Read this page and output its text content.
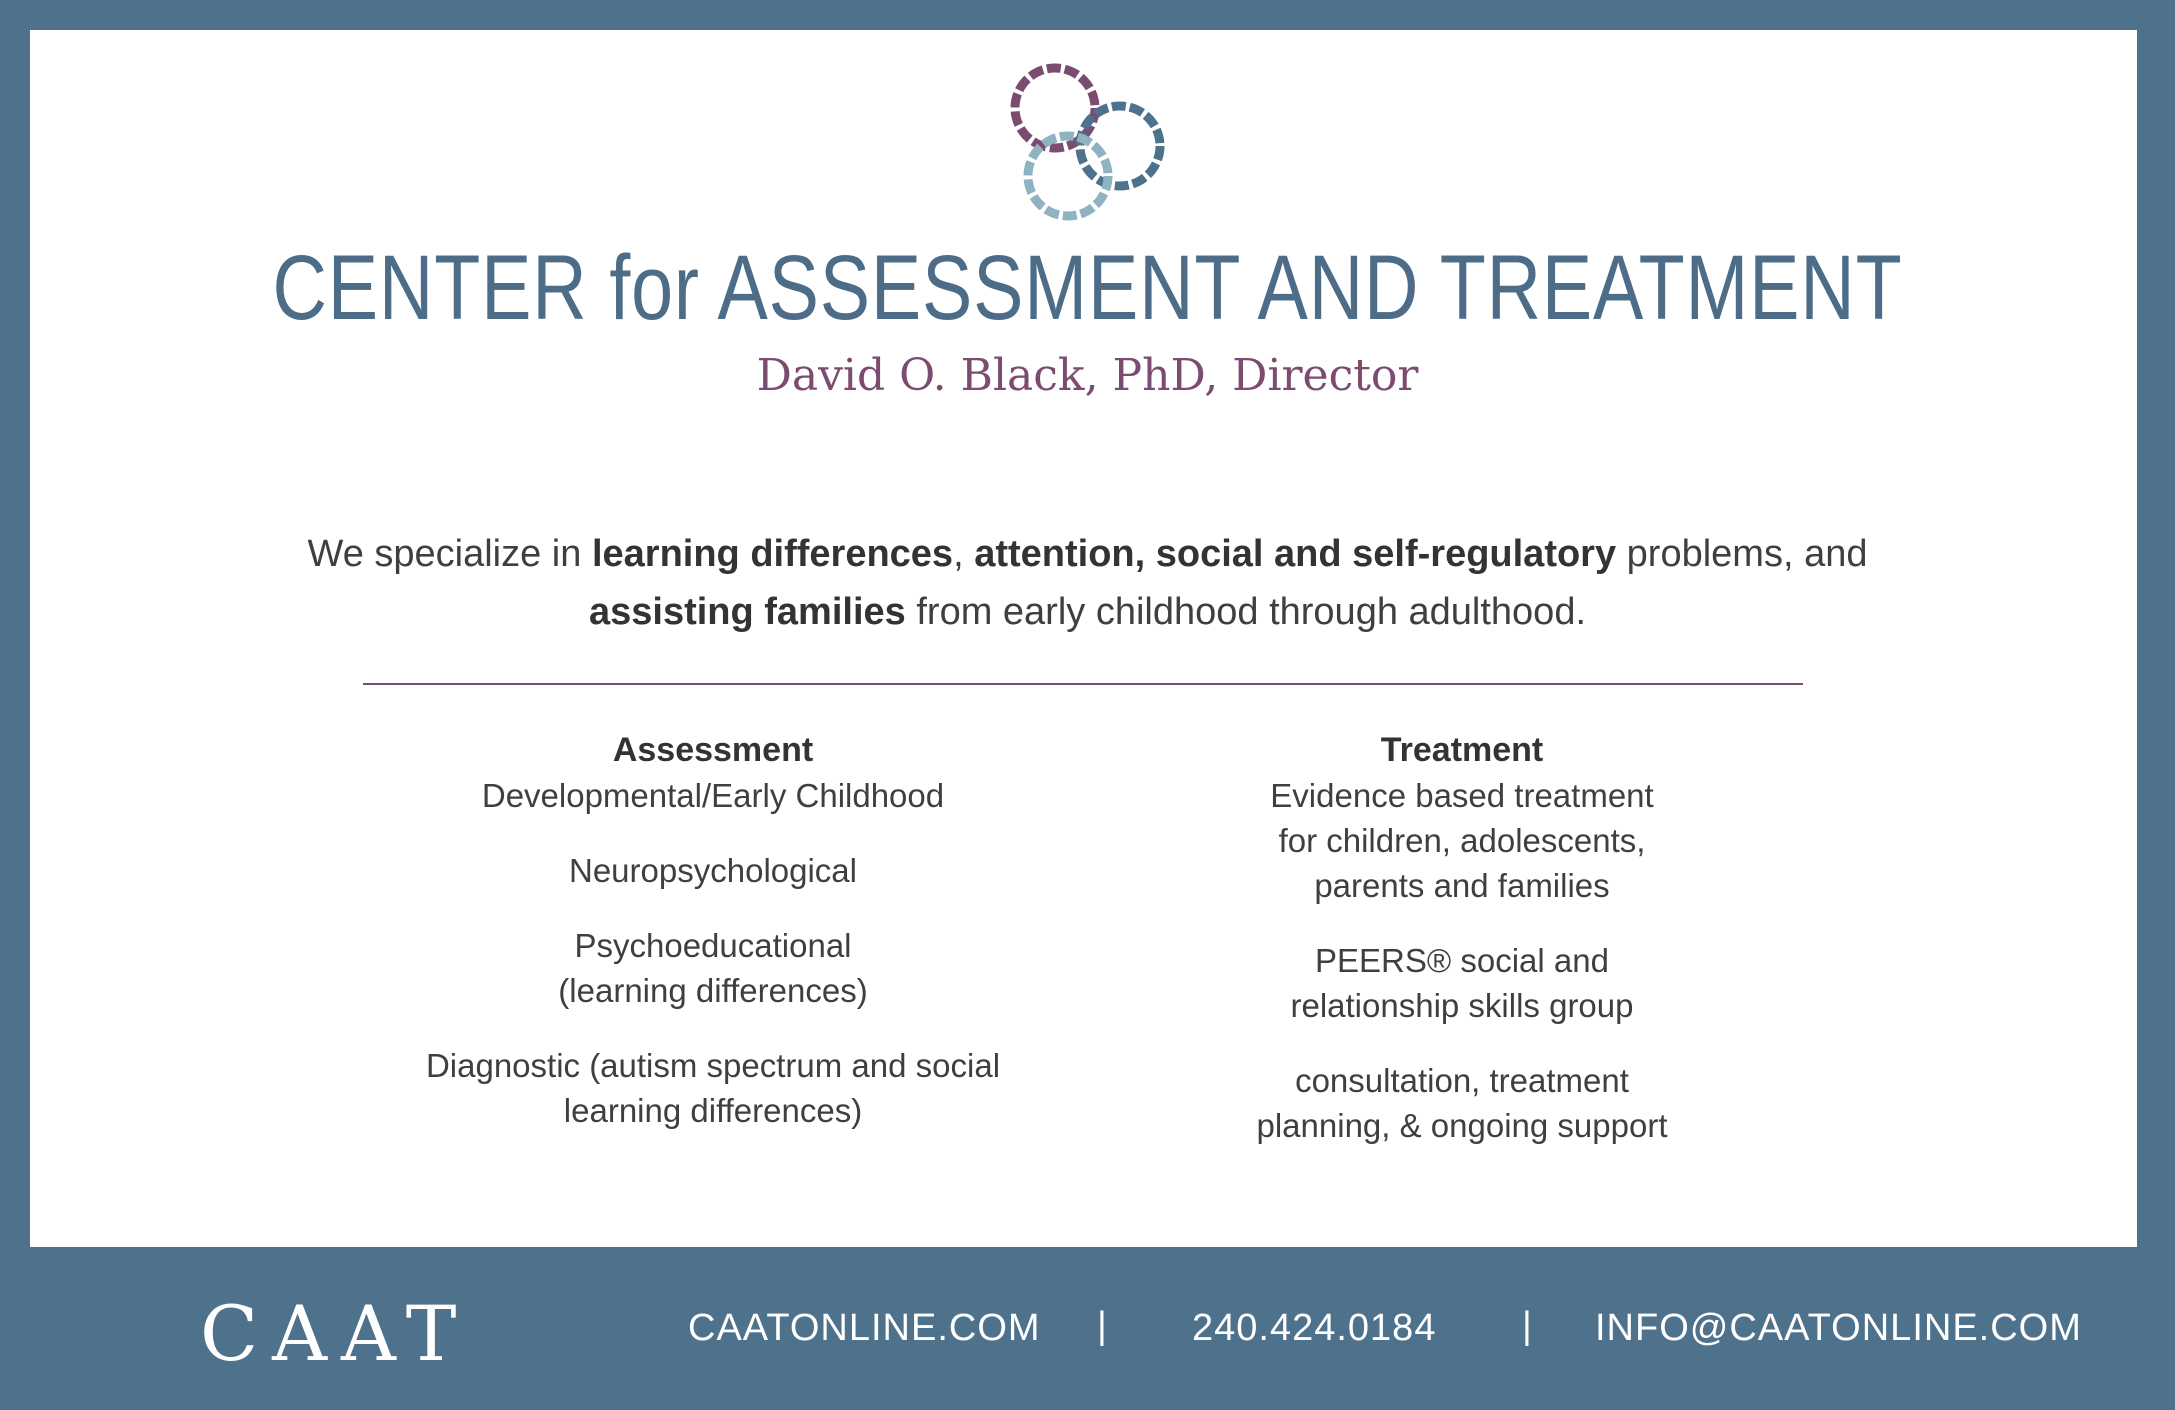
CENTER for ASSESSMENT AND TREATMENT
David O. Black, PhD, Director
We specialize in learning differences, attention, social and self-regulatory problems, and assisting families from early childhood through adulthood.
Assessment

Developmental/Early Childhood

Neuropsychological

Psychoeducational
(learning differences)

Diagnostic (autism spectrum and social
learning differences)

Treatment

Evidence based treatment
for children, adolescents,
parents and families

PEERS® social and
relationship skills group

consultation, treatment
planning, & ongoing support

CAAT	CAATONLINE.COM | 240.424.0184 | INFO@CAATONLINE.COM
